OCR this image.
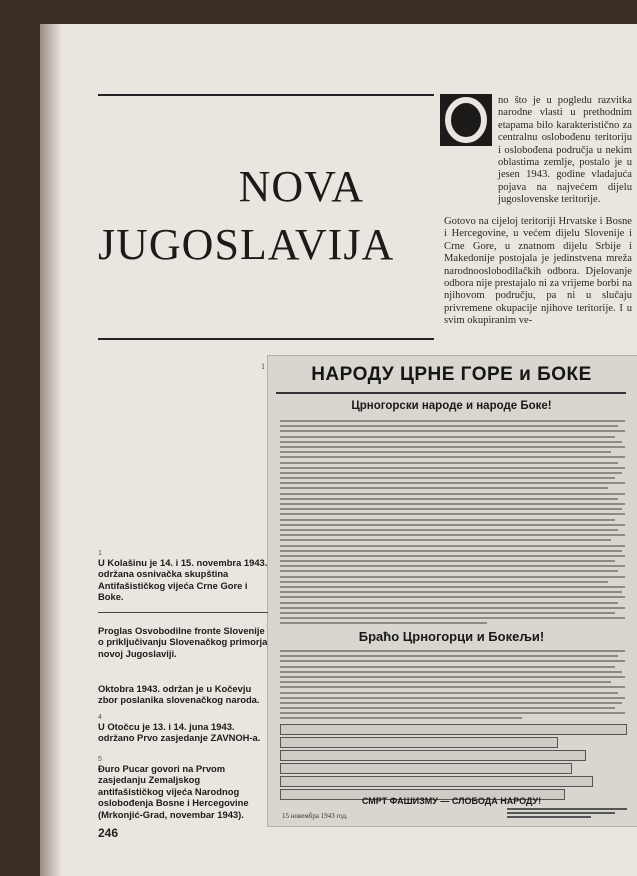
NOVA
JUGOSLAVIJA

no što je u pogledu razvitka narodne vlasti u prethodnim etapama bilo karakteristično za centralnu oslobođenu teritoriju i oslobođena područja u nekim oblastima zemlje, postalo je u jesen 1943. godine vladajuća pojava na najvećem dijelu jugoslovenske teritorije.

Gotovo na cijeloj teritoriji Hrvatske i Bosne i Hercegovine, u većem dijelu Slovenije i Crne Gore, u znatnom dijelu Srbije i Makedonije postojala je jedinstvena mreža narodnooslobodilačkih odbora. Djelovanje odbora nije prestajalo ni za vrijeme borbi na njihovom području, pa ni u slučaju privremene okupacije njihove teritorije. I u svim okupiranim ve-

1	НАРОДУ ЦРНЕ ГОРЕ и БОКЕ
Црногорски народе и народе Боке!
Браћо Црногорци и Бокељи!
СМРТ ФАШИЗМУ — СЛОБОДА НАРОДУ!
15 новембра 1943 год.
1
U Kolašinu je 14. i 15. novembra 1943. održana osnivačka skupština Antifašističkog vijeća Crne Gore i Boke.
Proglas Osvobodilne fronte Slovenije o priključivanju Slovenačkog primorja novoj Jugoslaviji.
Oktobra 1943. održan je u Kočevju zbor poslanika slovenačkog naroda.
4
U Otočcu je 13. i 14. juna 1943. održano Prvo zasjedanje ZAVNOH-a.
5
Đuro Pucar govori na Prvom zasjedanju Zemaljskog antifašističkog vijeća Narodnog oslobođenja Bosne i Hercegovine (Mrkonjić-Grad, novembar 1943).
246
